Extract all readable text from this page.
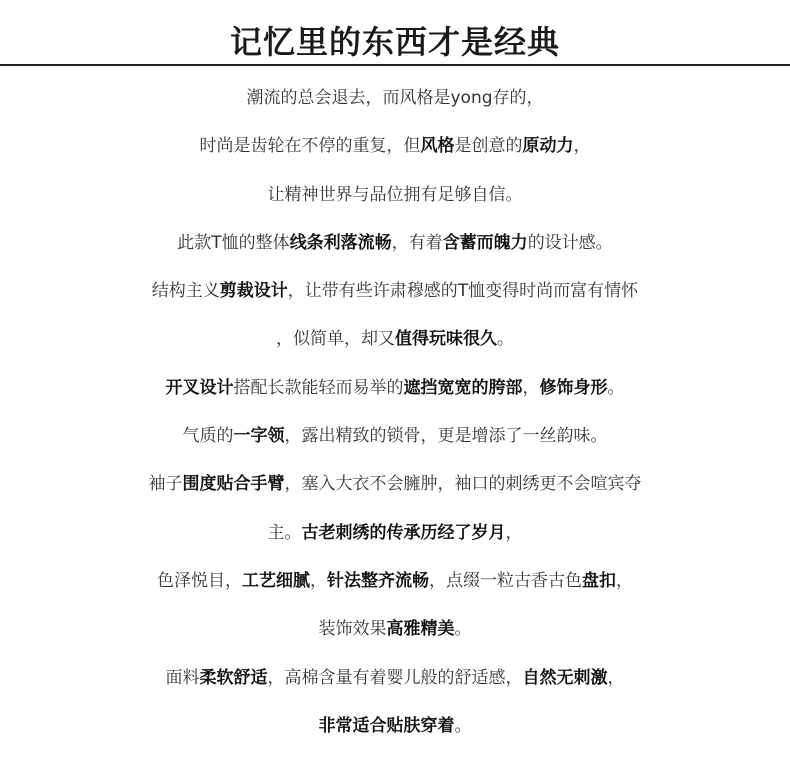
记忆里的东西才是经典
潮流的总会退去，而风格是yong存的，
时尚是齿轮在不停的重复，但风格是创意的原动力，
让精神世界与品位拥有足够自信。
此款T恤的整体线条利落流畅，有着含蓄而魄力的设计感。
结构主义剪裁设计，让带有些许肃穆感的T恤变得时尚而富有情怀
，似简单，却又值得玩味很久。
开叉设计搭配长款能轻而易举的遮挡宽宽的胯部，修饰身形。
气质的一字领，露出精致的锁骨，更是增添了一丝韵味。
袖子围度贴合手臂，塞入大衣不会臃肿，袖口的刺绣更不会喧宾夺
主。古老刺绣的传承历经了岁月，
色泽悦目，工艺细腻，针法整齐流畅，点缀一粒古香古色盘扣，
装饰效果高雅精美。
面料柔软舒适，高棉含量有着婴儿般的舒适感，自然无刺激，
非常适合贴肤穿着。
